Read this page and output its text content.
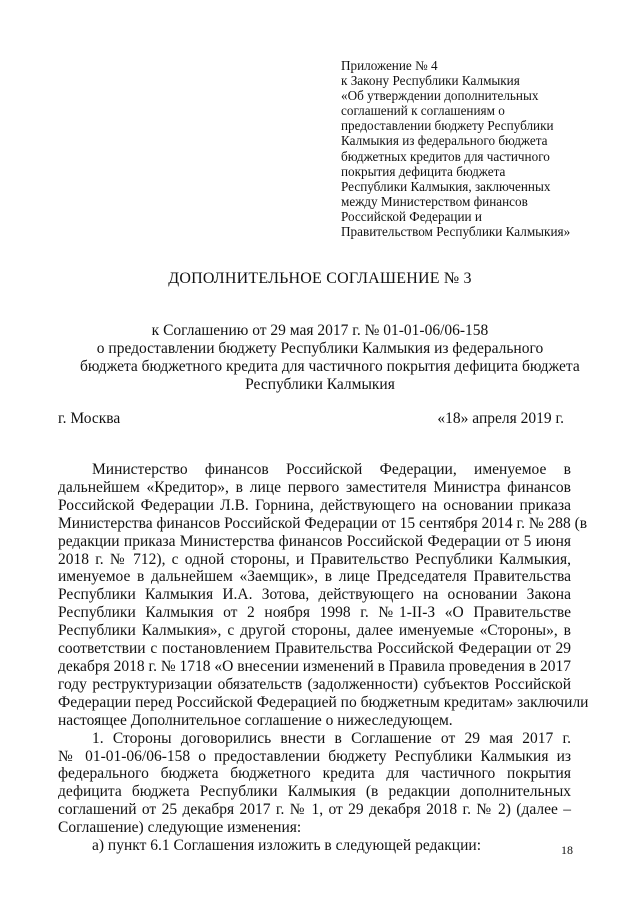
Приложение № 4
к Закону Республики Калмыкия
«Об утверждении дополнительных
соглашений к соглашениям о
предоставлении бюджету Республики
Калмыкия из федерального бюджета
бюджетных кредитов для частичного
покрытия дефицита бюджета
Республики Калмыкия, заключенных
между Министерством финансов
Российской Федерации и
Правительством Республики Калмыкия»
ДОПОЛНИТЕЛЬНОЕ СОГЛАШЕНИЕ № 3
к Соглашению от 29 мая 2017 г. № 01-01-06/06-158
о предоставлении бюджету Республики Калмыкия из федерального
бюджета бюджетного кредита для частичного покрытия дефицита бюджета
Республики Калмыкия
г. Москва	«18» апреля 2019 г.
Министерство финансов Российской Федерации, именуемое в
дальнейшем «Кредитор», в лице первого заместителя Министра финансов
Российской Федерации Л.В. Горнина, действующего на основании приказа
Министерства финансов Российской Федерации от 15 сентября 2014 г. № 288 (в
редакции приказа Министерства финансов Российской Федерации от 5 июня
2018 г. № 712), с одной стороны, и Правительство Республики Калмыкия,
именуемое в дальнейшем «Заемщик», в лице Председателя Правительства
Республики Калмыкия И.А. Зотова, действующего на основании Закона
Республики Калмыкия от 2 ноября 1998 г. №1-II-З «О Правительстве
Республики Калмыкия», с другой стороны, далее именуемые «Стороны», в
соответствии с постановлением Правительства Российской Федерации от 29
декабря 2018 г. № 1718 «О внесении изменений в Правила проведения в 2017
году реструктуризации обязательств (задолженности) субъектов Российской
Федерации перед Российской Федерацией по бюджетным кредитам» заключили
настоящее Дополнительное соглашение о нижеследующем.
1. Стороны договорились внести в Соглашение от 29 мая 2017 г.
№ 01-01-06/06-158 о предоставлении бюджету Республики Калмыкия из
федерального бюджета бюджетного кредита для частичного покрытия
дефицита бюджета Республики Калмыкия (в редакции дополнительных
соглашений от 25 декабря 2017 г. № 1, от 29 декабря 2018 г. № 2) (далее –
Соглашение) следующие изменения:
а) пункт 6.1 Соглашения изложить в следующей редакции:	18
